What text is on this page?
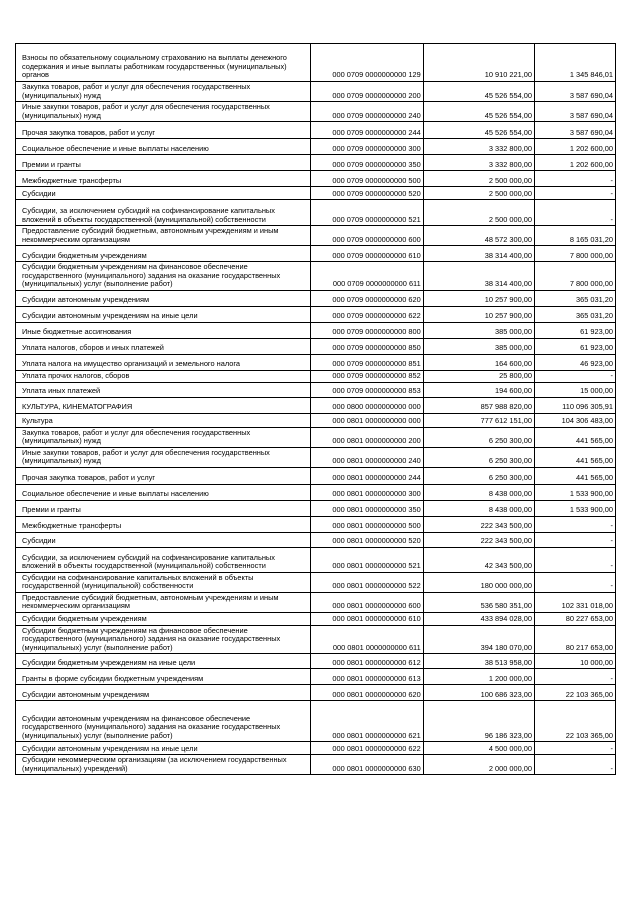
Взносы по обязательному социальному страхованию на выплаты денежного содержания и иные выплаты работникам государственных (муниципальных) органов	000 0709 0000000000 129	10 910 221,00	1 345 846,01

Закупка товаров, работ и услуг для обеспечения государственных (муниципальных) нужд	000 0709 0000000000 200	45 526 554,00	3 587 690,04

Иные закупки товаров, работ и услуг для обеспечения государственных (муниципальных) нужд	000 0709 0000000000 240	45 526 554,00	3 587 690,04

Прочая закупка товаров, работ и услуг	000 0709 0000000000 244	45 526 554,00	3 587 690,04

Социальное обеспечение и иные выплаты населению	000 0709 0000000000 300	3 332 800,00	1 202 600,00

Премии и гранты	000 0709 0000000000 350	3 332 800,00	1 202 600,00

Межбюджетные трансферты	000 0709 0000000000 500	2 500 000,00	-

Субсидии	000 0709 0000000000 520	2 500 000,00	-

Субсидии, за исключением субсидий на софинансирование капитальных вложений в объекты государственной (муниципальной) собственности	000 0709 0000000000 521	2 500 000,00	-

Предоставление субсидий бюджетным, автономным учреждениям и иным некоммерческим организациям	000 0709 0000000000 600	48 572 300,00	8 165 031,20

Субсидии бюджетным учреждениям	000 0709 0000000000 610	38 314 400,00	7 800 000,00

Субсидии бюджетным учреждениям на финансовое обеспечение государственного (муниципального) задания на оказание государственных (муниципальных) услуг (выполнение работ)	000 0709 0000000000 611	38 314 400,00	7 800 000,00

Субсидии автономным учреждениям	000 0709 0000000000 620	10 257 900,00	365 031,20

Субсидии автономным учреждениям на иные цели	000 0709 0000000000 622	10 257 900,00	365 031,20

Иные бюджетные ассигнования	000 0709 0000000000 800	385 000,00	61 923,00

Уплата налогов, сборов и иных платежей	000 0709 0000000000 850	385 000,00	61 923,00

Уплата налога на имущество организаций и земельного налога	000 0709 0000000000 851	164 600,00	46 923,00

Уплата прочих налогов, сборов	000 0709 0000000000 852	25 800,00	-

Уплата иных платежей	000 0709 0000000000 853	194 600,00	15 000,00

КУЛЬТУРА, КИНЕМАТОГРАФИЯ	000 0800 0000000000 000	857 988 820,00	110 096 305,91

Культура	000 0801 0000000000 000	777 612 151,00	104 306 483,00

Закупка товаров, работ и услуг для обеспечения государственных (муниципальных) нужд	000 0801 0000000000 200	6 250 300,00	441 565,00

Иные закупки товаров, работ и услуг для обеспечения государственных (муниципальных) нужд	000 0801 0000000000 240	6 250 300,00	441 565,00

Прочая закупка товаров, работ и услуг	000 0801 0000000000 244	6 250 300,00	441 565,00

Социальное обеспечение и иные выплаты населению	000 0801 0000000000 300	8 438 000,00	1 533 900,00

Премии и гранты	000 0801 0000000000 350	8 438 000,00	1 533 900,00

Межбюджетные трансферты	000 0801 0000000000 500	222 343 500,00	-

Субсидии	000 0801 0000000000 520	222 343 500,00	-

Субсидии, за исключением субсидий на софинансирование капитальных вложений в объекты государственной (муниципальной) собственности	000 0801 0000000000 521	42 343 500,00	-

Субсидии на софинансирование капитальных вложений в объекты государственной (муниципальной) собственности	000 0801 0000000000 522	180 000 000,00	-

Предоставление субсидий бюджетным, автономным учреждениям и иным некоммерческим организациям	000 0801 0000000000 600	536 580 351,00	102 331 018,00

Субсидии бюджетным учреждениям	000 0801 0000000000 610	433 894 028,00	80 227 653,00

Субсидии бюджетным учреждениям на финансовое обеспечение государственного (муниципального) задания на оказание государственных (муниципальных) услуг (выполнение работ)	000 0801 0000000000 611	394 180 070,00	80 217 653,00

Субсидии бюджетным учреждениям на иные цели	000 0801 0000000000 612	38 513 958,00	10 000,00

Гранты в форме субсидии бюджетным учреждениям	000 0801 0000000000 613	1 200 000,00	-

Субсидии автономным учреждениям	000 0801 0000000000 620	100 686 323,00	22 103 365,00

Субсидии автономным учреждениям на финансовое обеспечение государственного (муниципального) задания на оказание государственных (муниципальных) услуг (выполнение работ)	000 0801 0000000000 621	96 186 323,00	22 103 365,00

Субсидии автономным учреждениям на иные цели	000 0801 0000000000 622	4 500 000,00	-

Субсидии некоммерческим организациям (за исключением государственных (муниципальных) учреждений)	000 0801 0000000000 630	2 000 000,00	-
